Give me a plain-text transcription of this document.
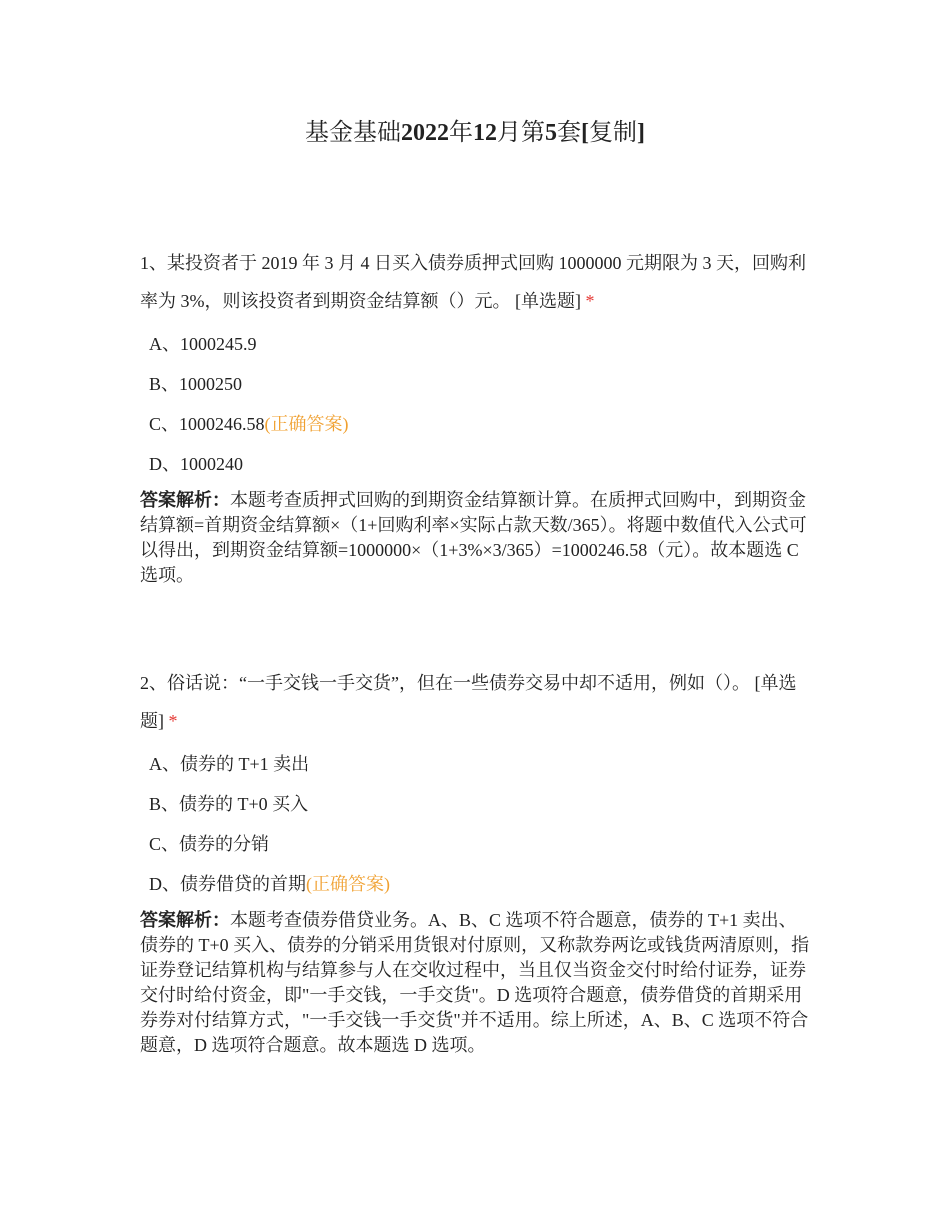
基金基础2022年12月第5套[复制]

1、某投资者于 2019 年 3 月 4 日买入债券质押式回购 1000000 元期限为 3 天，回购利率为 3%，则该投资者到期资金结算额（）元。 [单选题] *

A、1000245.9
B、1000250
C、1000246.58(正确答案)
D、1000240
答案解析：本题考查质押式回购的到期资金结算额计算。在质押式回购中，到期资金结算额=首期资金结算额×（1+回购利率×实际占款天数/365）。将题中数值代入公式可以得出，到期资金结算额=1000000×（1+3%×3/365）=1000246.58（元）。故本题选 C 选项。

2、俗话说：“一手交钱一手交货”，但在一些债券交易中却不适用，例如（）。 [单选题] *

A、债券的 T+1 卖出
B、债券的 T+0 买入
C、债券的分销
D、债券借贷的首期(正确答案)
答案解析：本题考查债券借贷业务。A、B、C 选项不符合题意，债券的 T+1 卖出、债券的 T+0 买入、债券的分销采用货银对付原则，又称款券两讫或钱货两清原则，指证券登记结算机构与结算参与人在交收过程中，当且仅当资金交付时给付证券，证券交付时给付资金，即"一手交钱，一手交货"。D 选项符合题意，债券借贷的首期采用券券对付结算方式，"一手交钱一手交货"并不适用。综上所述，A、B、C 选项不符合题意，D 选项符合题意。故本题选 D 选项。
